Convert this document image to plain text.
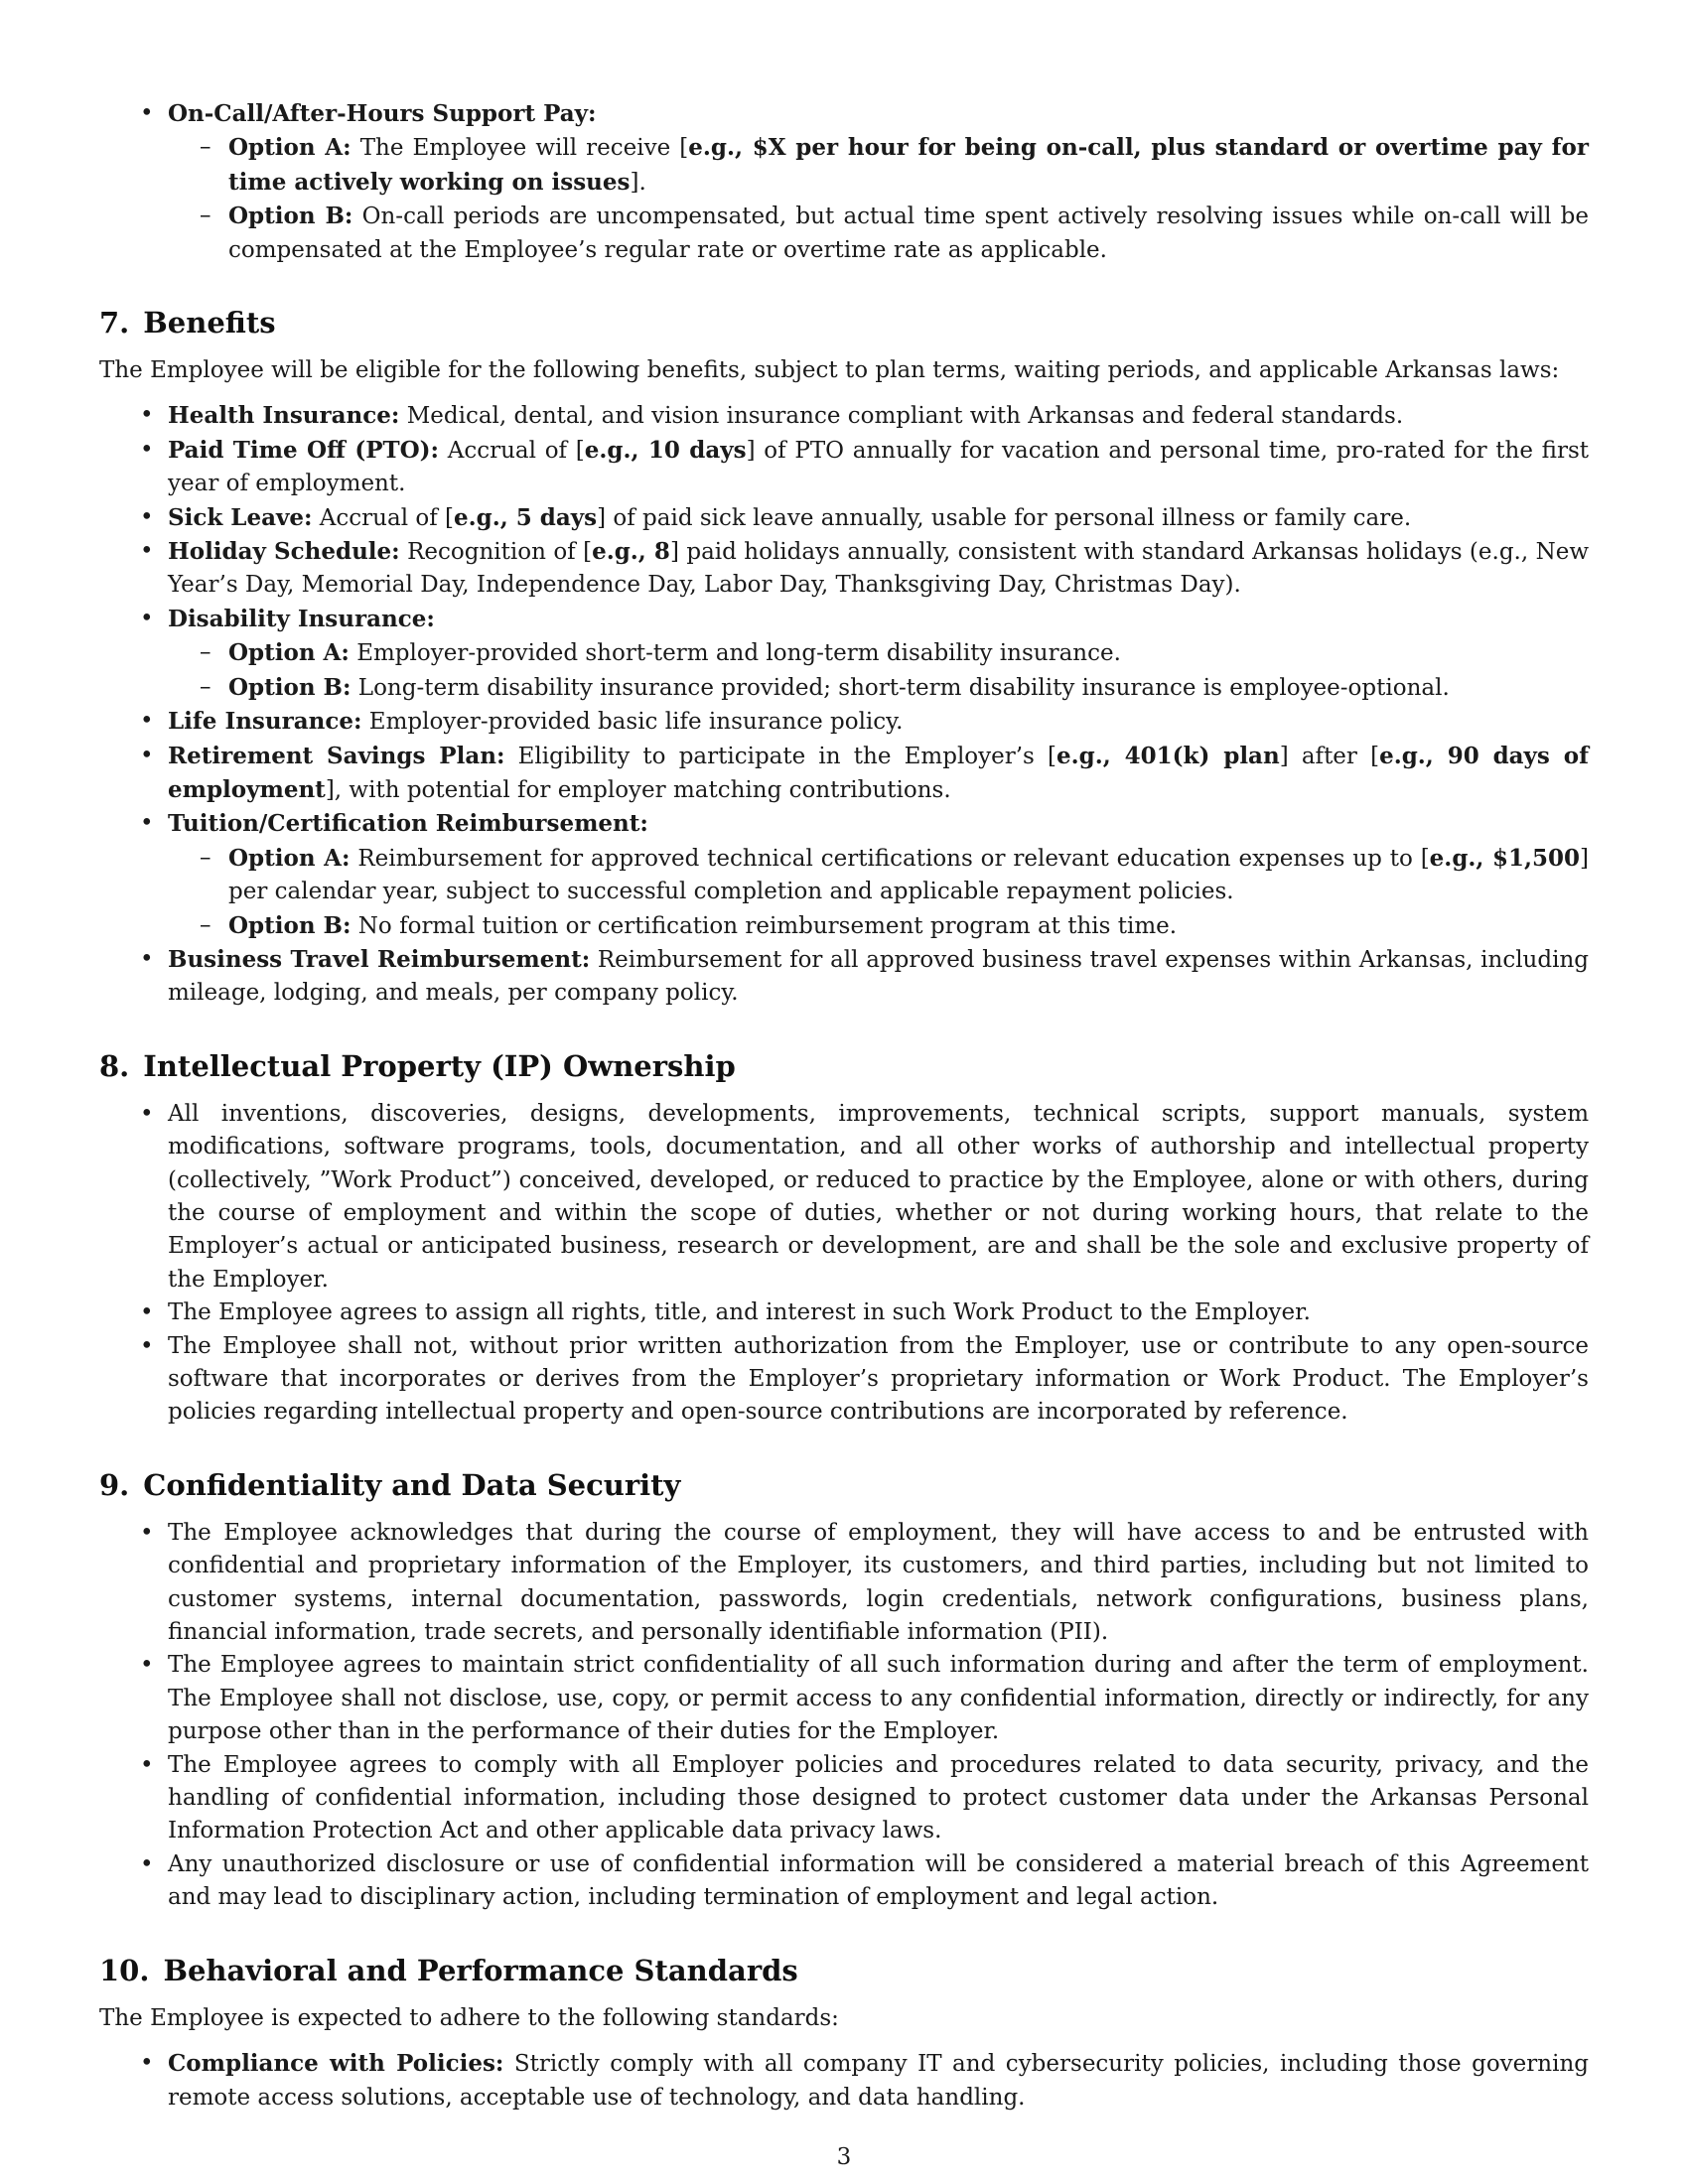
• On-Call/After-Hours Support Pay:
– Option A: The Employee will receive [e.g., $X per hour for being on-call, plus standard or overtime pay for time actively working on issues].
– Option B: On-call periods are uncompensated, but actual time spent actively resolving issues while on-call will be compensated at the Employee’s regular rate or overtime rate as applicable.
7. Benefits

The Employee will be eligible for the following benefits, subject to plan terms, waiting periods, and applicable Arkansas laws:

• Health Insurance: Medical, dental, and vision insurance compliant with Arkansas and federal standards.
• Paid Time Off (PTO): Accrual of [e.g., 10 days] of PTO annually for vacation and personal time, pro-rated for the first year of employment.
• Sick Leave: Accrual of [e.g., 5 days] of paid sick leave annually, usable for personal illness or family care.
• Holiday Schedule: Recognition of [e.g., 8] paid holidays annually, consistent with standard Arkansas holidays (e.g., New Year’s Day, Memorial Day, Independence Day, Labor Day, Thanksgiving Day, Christmas Day).
• Disability Insurance:
– Option A: Employer-provided short-term and long-term disability insurance.
– Option B: Long-term disability insurance provided; short-term disability insurance is employee-optional.
• Life Insurance: Employer-provided basic life insurance policy.
• Retirement Savings Plan: Eligibility to participate in the Employer’s [e.g., 401(k) plan] after [e.g., 90 days of employment], with potential for employer matching contributions.
• Tuition/Certification Reimbursement:
– Option A: Reimbursement for approved technical certifications or relevant education expenses up to [e.g., $1,500] per calendar year, subject to successful completion and applicable repayment policies.
– Option B: No formal tuition or certification reimbursement program at this time.
• Business Travel Reimbursement: Reimbursement for all approved business travel expenses within Arkansas, including mileage, lodging, and meals, per company policy.
8. Intellectual Property (IP) Ownership
• All inventions, discoveries, designs, developments, improvements, technical scripts, support manuals, system modifications, software programs, tools, documentation, and all other works of authorship and intellectual property (collectively, ”Work Product”) conceived, developed, or reduced to practice by the Employee, alone or with others, during the course of employment and within the scope of duties, whether or not during working hours, that relate to the Employer’s actual or anticipated business, research or development, are and shall be the sole and exclusive property of the Employer.
• The Employee agrees to assign all rights, title, and interest in such Work Product to the Employer.
• The Employee shall not, without prior written authorization from the Employer, use or contribute to any open-source software that incorporates or derives from the Employer’s proprietary information or Work Product. The Employer’s policies regarding intellectual property and open-source contributions are incorporated by reference.
9. Confidentiality and Data Security
• The Employee acknowledges that during the course of employment, they will have access to and be entrusted with confidential and proprietary information of the Employer, its customers, and third parties, including but not limited to customer systems, internal documentation, passwords, login credentials, network configurations, business plans, financial information, trade secrets, and personally identifiable information (PII).
• The Employee agrees to maintain strict confidentiality of all such information during and after the term of employment. The Employee shall not disclose, use, copy, or permit access to any confidential information, directly or indirectly, for any purpose other than in the performance of their duties for the Employer.
• The Employee agrees to comply with all Employer policies and procedures related to data security, privacy, and the handling of confidential information, including those designed to protect customer data under the Arkansas Personal Information Protection Act and other applicable data privacy laws.
• Any unauthorized disclosure or use of confidential information will be considered a material breach of this Agreement and may lead to disciplinary action, including termination of employment and legal action.
10. Behavioral and Performance Standards

The Employee is expected to adhere to the following standards:

• Compliance with Policies: Strictly comply with all company IT and cybersecurity policies, including those governing remote access solutions, acceptable use of technology, and data handling.
3
